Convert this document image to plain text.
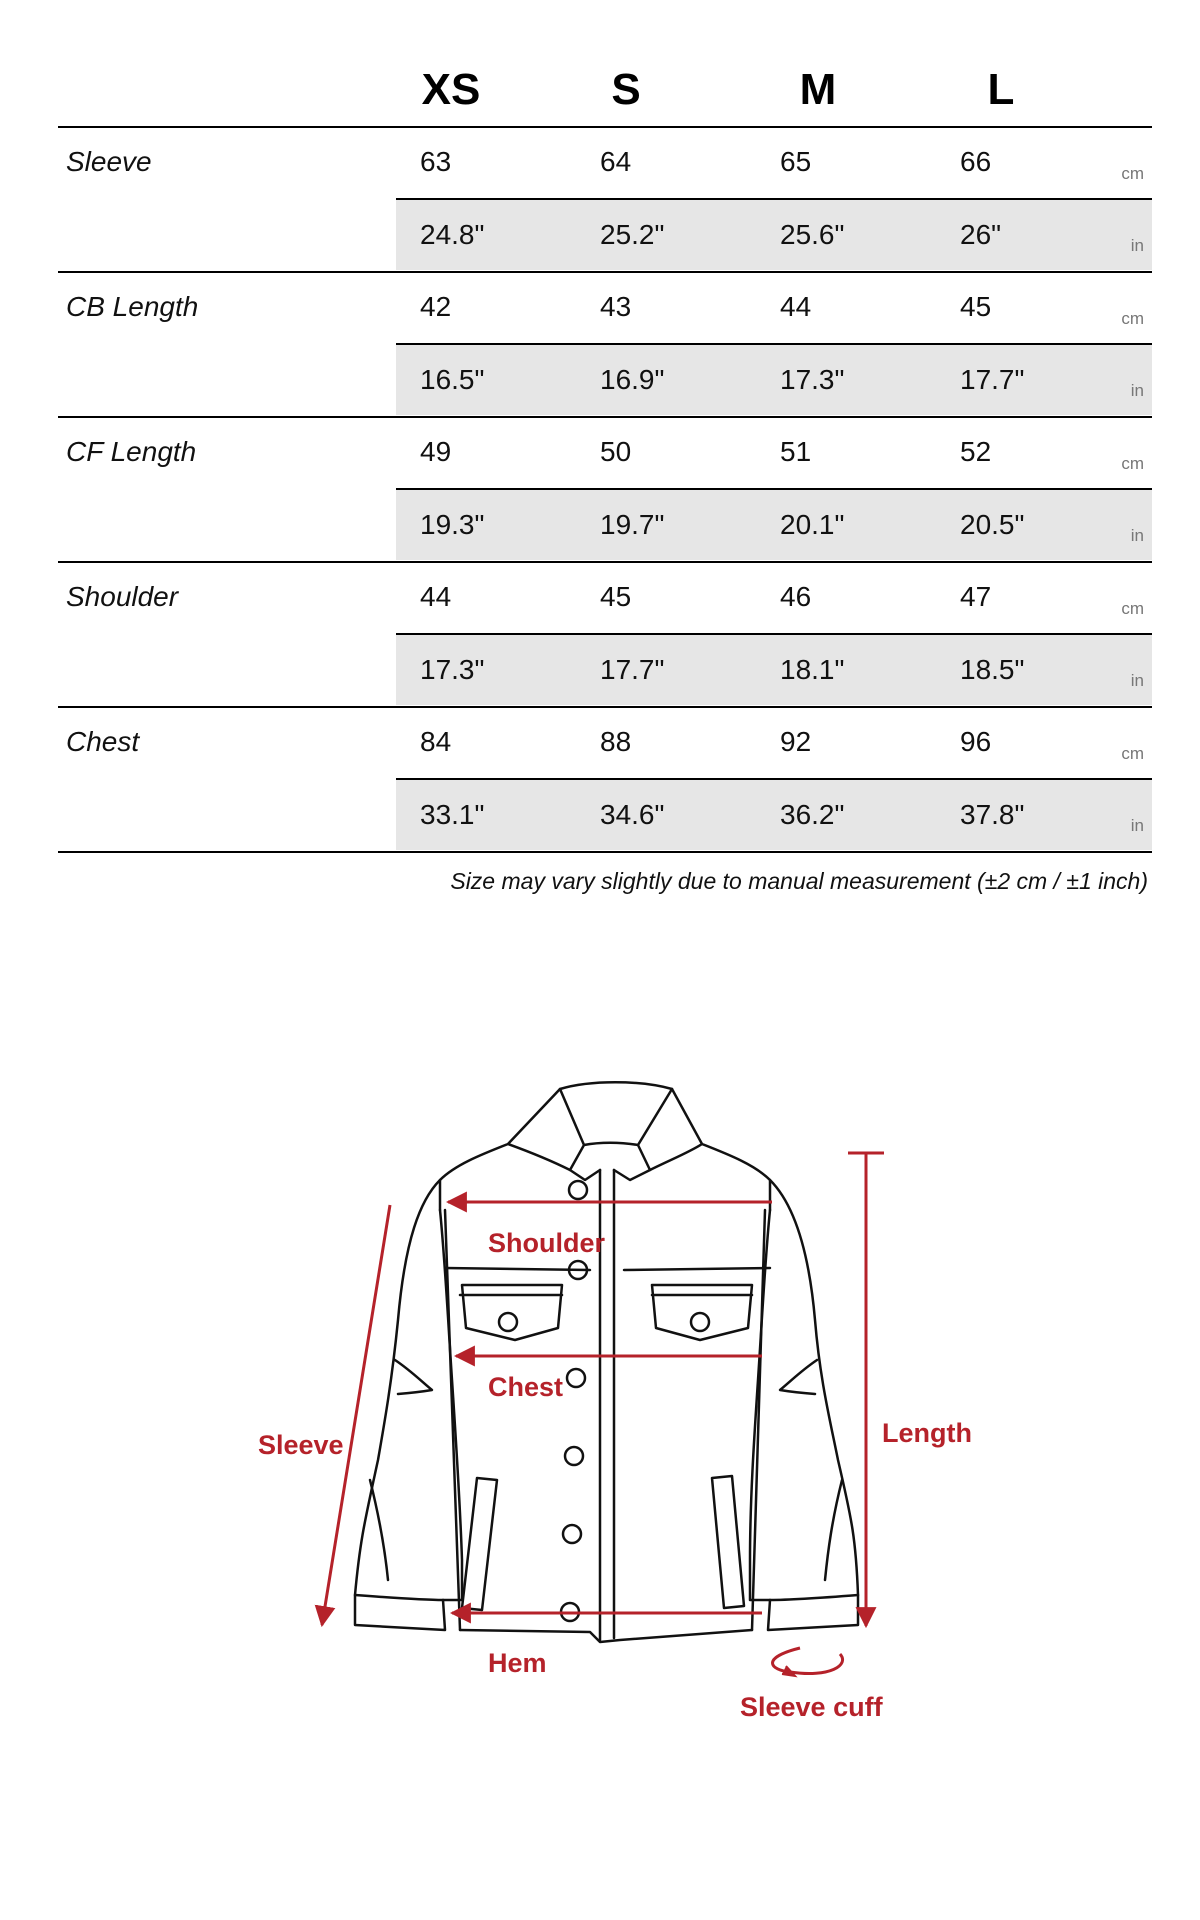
XS	S	M	L
Sleeve	63	64	65	66	cm
24.8"	25.2"	25.6"	26"	in
CB Length	42	43	44	45	cm
16.5"	16.9"	17.3"	17.7"	in
CF Length	49	50	51	52	cm
19.3"	19.7"	20.1"	20.5"	in
Shoulder	44	45	46	47	cm
17.3"	17.7"	18.1"	18.5"	in
Chest	84	88	92	96	cm
33.1"	34.6"	36.2"	37.8"	in
Size may vary slightly due to manual measurement (±2 cm / ±1 inch)
Shoulder
Chest
Sleeve	Length
Hem
Sleeve cuff
